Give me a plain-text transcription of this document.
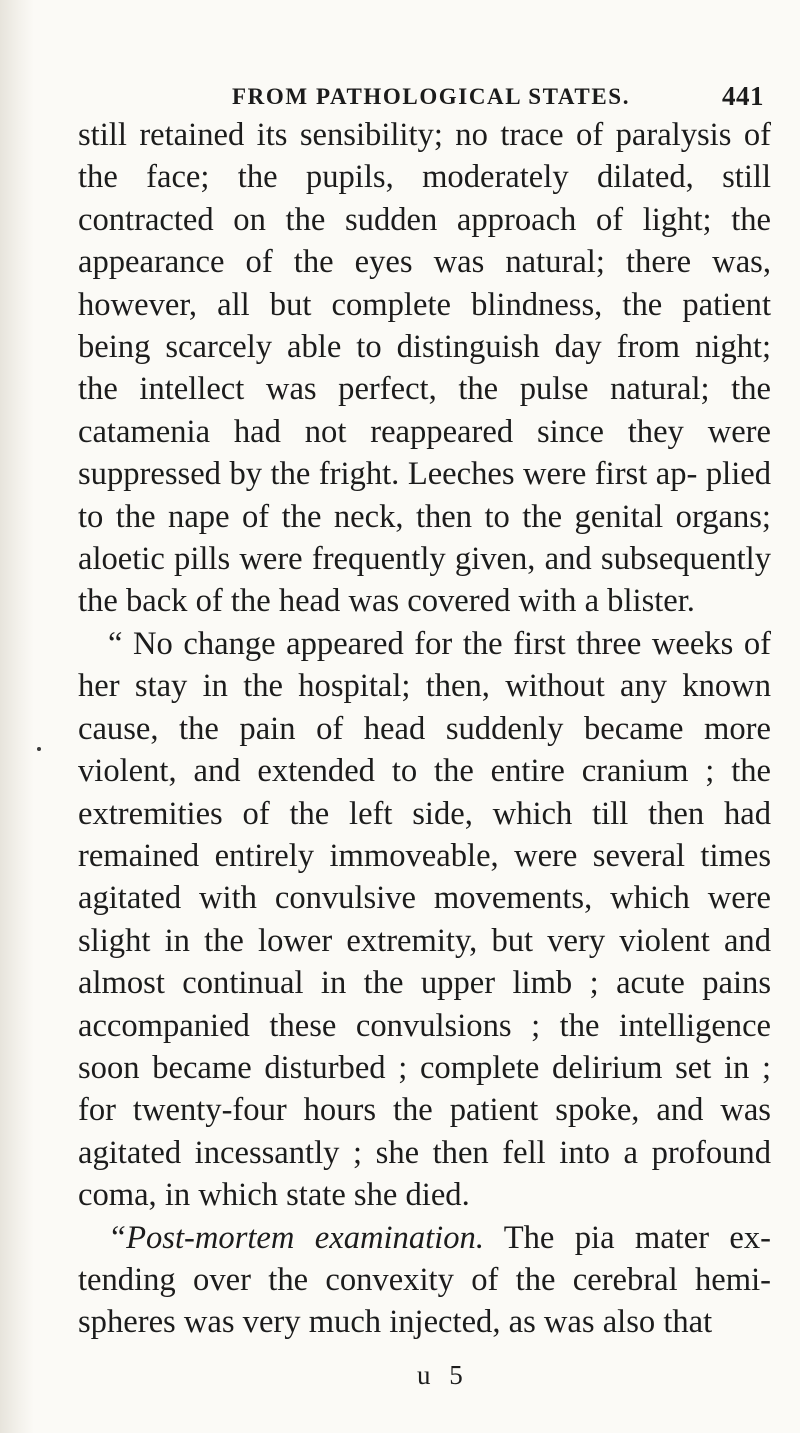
FROM PATHOLOGICAL STATES.	441

still retained its sensibility; no trace of paralysis of the face; the pupils, moderately dilated, still contracted on the sudden approach of light; the appearance of the eyes was natural; there was, however, all but complete blindness, the patient being scarcely able to distinguish day from night; the intellect was perfect, the pulse natural; the catamenia had not reappeared since they were suppressed by the fright. Leeches were first ap- plied to the nape of the neck, then to the genital organs; aloetic pills were frequently given, and subsequently the back of the head was covered with a blister.

“ No change appeared for the first three weeks of her stay in the hospital; then, without any known cause, the pain of head suddenly became more violent, and extended to the entire cranium ; the extremities of the left side, which till then had remained entirely immoveable, were several times agitated with convulsive movements, which were slight in the lower extremity, but very violent and almost continual in the upper limb ; acute pains accompanied these convulsions ; the intelligence soon became disturbed ; complete delirium set in ; for twenty-four hours the patient spoke, and was agitated incessantly ; she then fell into a profound coma, in which state she died.

“Post-mortem examination. The pia mater ex- tending over the convexity of the cerebral hemi- spheres was very much injected, as was also that

u 5
